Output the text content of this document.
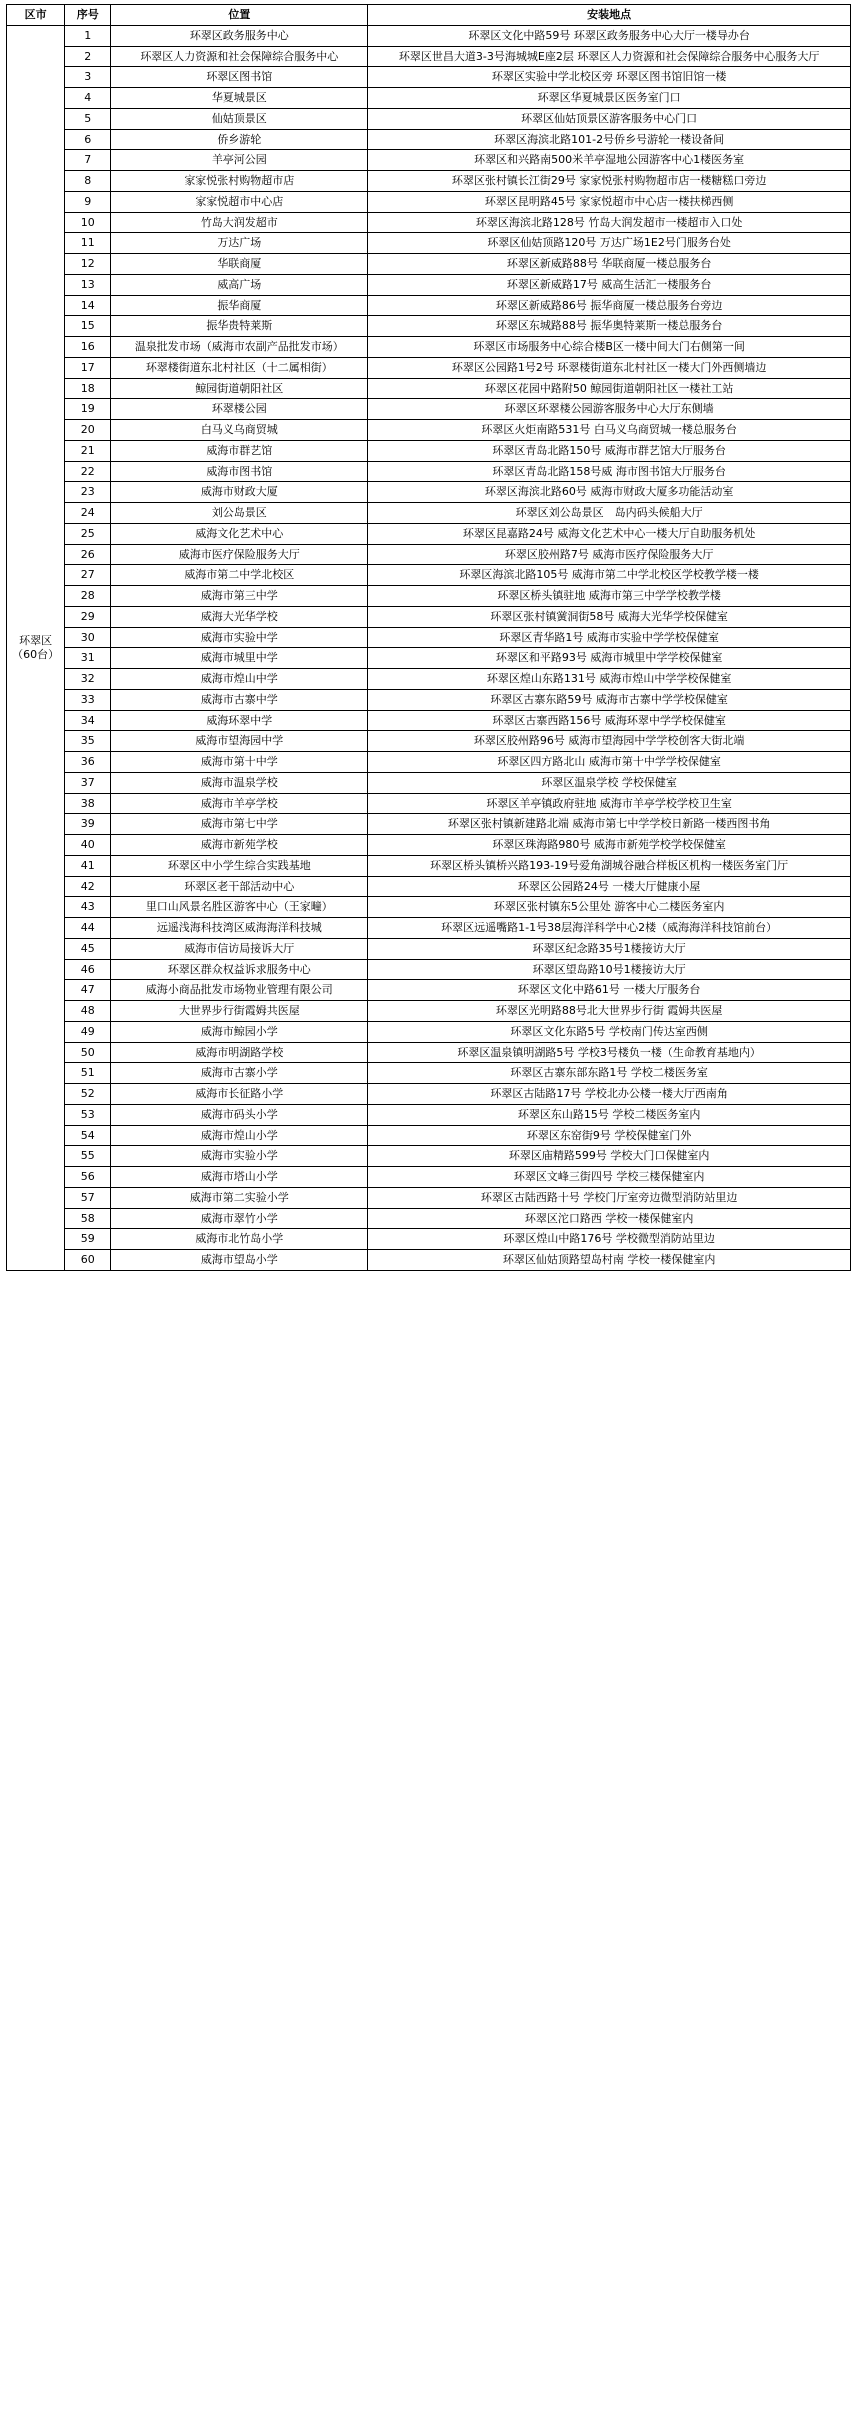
区市	序号	位置	安装地点

环翠区
（60台）	1	环翠区政务服务中心	环翠区文化中路59号 环翠区政务服务中心大厅一楼导办台
	2	环翠区人力资源和社会保障综合服务中心	环翠区世昌大道3-3号海城城E座2层 环翠区人力资源和社会保障综合服务中心服务大厅
	3	环翠区图书馆	环翠区实验中学北校区旁 环翠区图书馆旧馆一楼
	4	华夏城景区	环翠区华夏城景区医务室门口
	5	仙姑顶景区	环翠区仙姑顶景区游客服务中心门口
	6	侨乡游轮	环翠区海滨北路101-2号侨乡号游轮一楼设备间
	7	羊亭河公园	环翠区和兴路南500米羊亭湿地公园游客中心1楼医务室
	8	家家悦张村购物超市店	环翠区张村镇长江街29号 家家悦张村购物超市店一楼糖糕口旁边
	9	家家悦超市中心店	环翠区昆明路45号 家家悦超市中心店一楼扶梯西侧
	10	竹岛大润发超市	环翠区海滨北路128号 竹岛大润发超市一楼超市入口处
	11	万达广场	环翠区仙姑顶路120号 万达广场1E2号门服务台处
	12	华联商厦	环翠区新威路88号 华联商厦一楼总服务台
	13	威高广场	环翠区新威路17号 威高生活汇一楼服务台
	14	振华商厦	环翠区新威路86号 振华商厦一楼总服务台旁边
	15	振华贵特莱斯	环翠区东城路88号 振华奥特莱斯一楼总服务台
	16	温泉批发市场（威海市农副产品批发市场）	环翠区市场服务中心综合楼B区一楼中间大门右侧第一间
	17	环翠楼街道东北村社区（十二属相街）	环翠区公园路1号2号 环翠楼街道东北村社区一楼大门外西侧墙边
	18	鲸园街道朝阳社区	环翠区花园中路附50 鲸园街道朝阳社区一楼社工站
	19	环翠楼公园	环翠区环翠楼公园游客服务中心大厅东侧墙
	20	白马义乌商贸城	环翠区火炬南路531号 白马义乌商贸城一楼总服务台
	21	威海市群艺馆	环翠区青岛北路150号 威海市群艺馆大厅服务台
	22	威海市图书馆	环翠区青岛北路158号威 海市图书馆大厅服务台
	23	威海市财政大厦	环翠区海滨北路60号 威海市财政大厦多功能活动室
	24	刘公岛景区	环翠区刘公岛景区　岛内码头候船大厅
	25	威海文化艺术中心	环翠区昆嘉路24号 威海文化艺术中心一楼大厅自助服务机处
	26	威海市医疗保险服务大厅	环翠区胶州路7号 威海市医疗保险服务大厅
	27	威海市第二中学北校区	环翠区海滨北路105号 威海市第二中学北校区学校教学楼一楼
	28	威海市第三中学	环翠区桥头镇驻地 威海市第三中学学校教学楼
	29	威海大光华学校	环翠区张村镇黉洞街58号 威海大光华学校保健室
	30	威海市实验中学	环翠区青华路1号 威海市实验中学学校保健室
	31	威海市城里中学	环翠区和平路93号 威海市城里中学学校保健室
	32	威海市煌山中学	环翠区煌山东路131号 威海市煌山中学学校保健室
	33	威海市古寨中学	环翠区古寨东路59号 威海市古寨中学学校保健室
	34	威海环翠中学	环翠区古寨西路156号 威海环翠中学学校保健室
	35	威海市望海园中学	环翠区胶州路96号 威海市望海园中学学校创客大街北端
	36	威海市第十中学	环翠区四方路北山 威海市第十中学学校保健室
	37	威海市温泉学校	环翠区温泉学校 学校保健室
	38	威海市羊亭学校	环翠区羊亭镇政府驻地 威海市羊亭学校学校卫生室
	39	威海市第七中学	环翠区张村镇新建路北端 威海市第七中学学校日新路一楼西图书角
	40	威海市新苑学校	环翠区珠海路980号 威海市新苑学校学校保健室
	41	环翠区中小学生综合实践基地	环翠区桥头镇桥兴路193-19号爱角湖城谷融合样板区机构一楼医务室门厅
	42	环翠区老干部活动中心	环翠区公园路24号 一楼大厅健康小屋
	43	里口山风景名胜区游客中心（王家疃）	环翠区张村镇东5公里处 游客中心二楼医务室内
	44	远遥浅海科技湾区威海海洋科技城	环翠区远遥嘴路1-1号38层海洋科学中心2楼（威海海洋科技馆前台）
	45	威海市信访局接诉大厅	环翠区纪念路35号1楼接访大厅
	46	环翠区群众权益诉求服务中心	环翠区望岛路10号1楼接访大厅
	47	威海小商品批发市场物业管理有限公司	环翠区文化中路61号 一楼大厅服务台
	48	大世界步行街霞姆共医屋	环翠区光明路88号北大世界步行街 霞姆共医屋
	49	威海市鲸园小学	环翠区文化东路5号 学校南门传达室西侧
	50	威海市明湖路学校	环翠区温泉镇明湖路5号 学校3号楼负一楼（生命教育基地内）
	51	威海市古寨小学	环翠区古寨东部东路1号 学校二楼医务室
	52	威海市长征路小学	环翠区古陆路17号 学校北办公楼一楼大厅西南角
	53	威海市码头小学	环翠区东山路15号 学校二楼医务室内
	54	威海市煌山小学	环翠区东窑街9号 学校保健室门外
	55	威海市实验小学	环翠区庙精路599号 学校大门口保健室内
	56	威海市塔山小学	环翠区文峰三街四号 学校三楼保健室内
	57	威海市第二实验小学	环翠区古陆西路十号 学校门厅室旁边微型消防站里边
	58	威海市翠竹小学	环翠区沱口路西 学校一楼保健室内
	59	威海市北竹岛小学	环翠区煌山中路176号 学校微型消防站里边
	60	威海市望岛小学	环翠区仙姑顶路望岛村南 学校一楼保健室内
